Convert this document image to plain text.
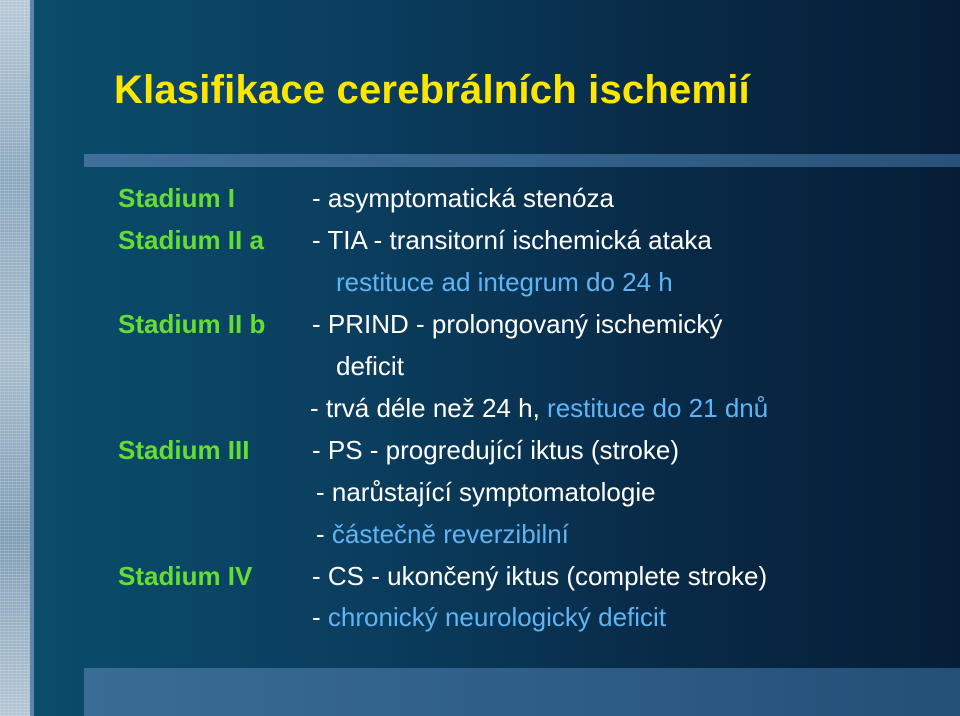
Klasifikace cerebrálních ischemií
Stadium I
Stadium II a
Stadium II b
Stadium III
Stadium IV
- asymptomatická stenóza
- TIA - transitorní ischemická ataka
restituce ad integrum do 24 h
- PRIND - prolongovaný ischemický
deficit
- trvá déle než 24 h, restituce do 21 dnů
- PS - progredující iktus (stroke)
- narůstající symptomatologie
- částečně reverzibilní
- CS - ukončený iktus (complete stroke)
- chronický neurologický deficit
